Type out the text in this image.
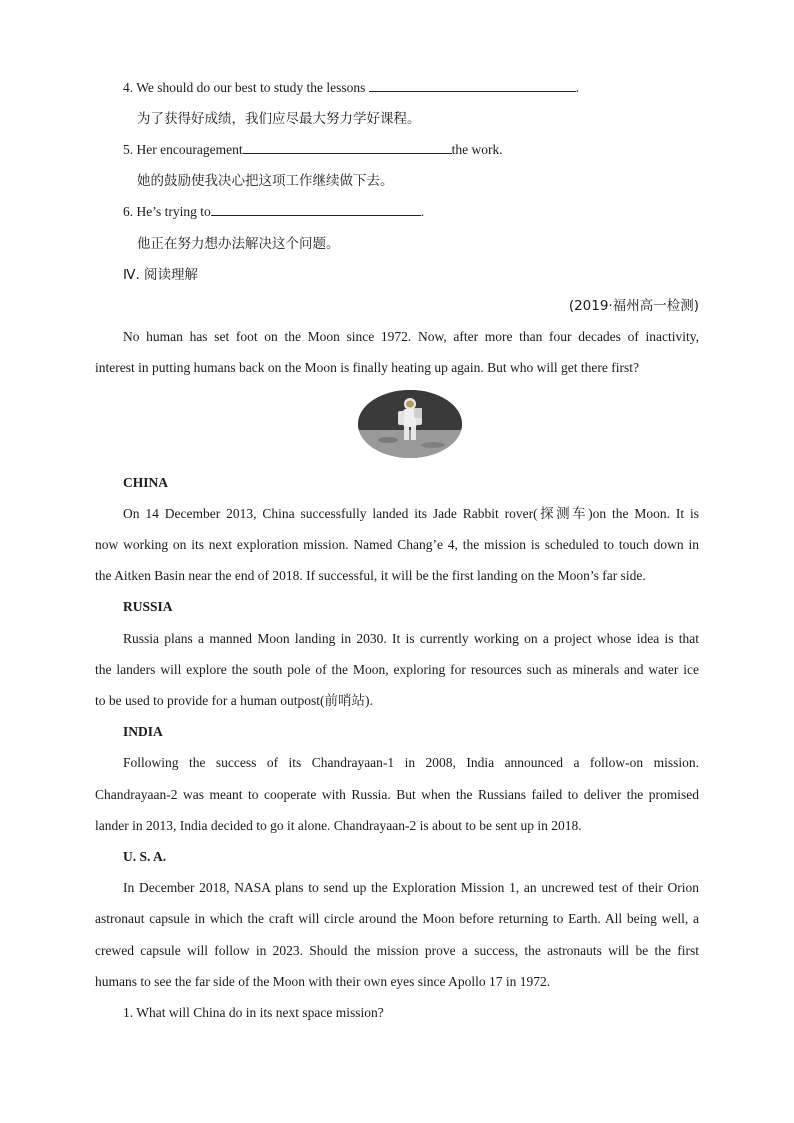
4. We should do our best to study the lessons	.
为了获得好成绩，我们应尽最大努力学好课程。
5. Her encouragement	the work.
她的鼓励使我决心把这项工作继续做下去。
6. He’s trying to	.
他正在努力想办法解决这个问题。
Ⅳ. 阅读理解
(2019·福州高一检测)
No human has set foot on the Moon since 1972. Now, after more than four decades of inactivity,
interest in putting humans back on the Moon is finally heating up again. But who will get there first?
CHINA
On 14 December 2013, China successfully landed its Jade Rabbit rover(探测车)on the Moon. It is
now working on its next exploration mission. Named Chang’e 4, the mission is scheduled to touch down in
the Aitken Basin near the end of 2018. If successful, it will be the first landing on the Moon’s far side.
RUSSIA
Russia plans a manned Moon landing in 2030. It is currently working on a project whose idea is that
the landers will explore the south pole of the Moon, exploring for resources such as minerals and water ice
to be used to provide for a human outpost(前哨站).
INDIA
Following the success of its Chandrayaan-1 in 2008, India announced a follow-on mission.
Chandrayaan-2 was meant to cooperate with Russia. But when the Russians failed to deliver the promised
lander in 2013, India decided to go it alone. Chandrayaan-2 is about to be sent up in 2018.
U. S. A.
In December 2018, NASA plans to send up the Exploration Mission 1, an uncrewed test of their Orion
astronaut capsule in which the craft will circle around the Moon before returning to Earth. All being well, a
crewed capsule will follow in 2023. Should the mission prove a success, the astronauts will be the first
humans to see the far side of the Moon with their own eyes since Apollo 17 in 1972.
1. What will China do in its next space mission?
